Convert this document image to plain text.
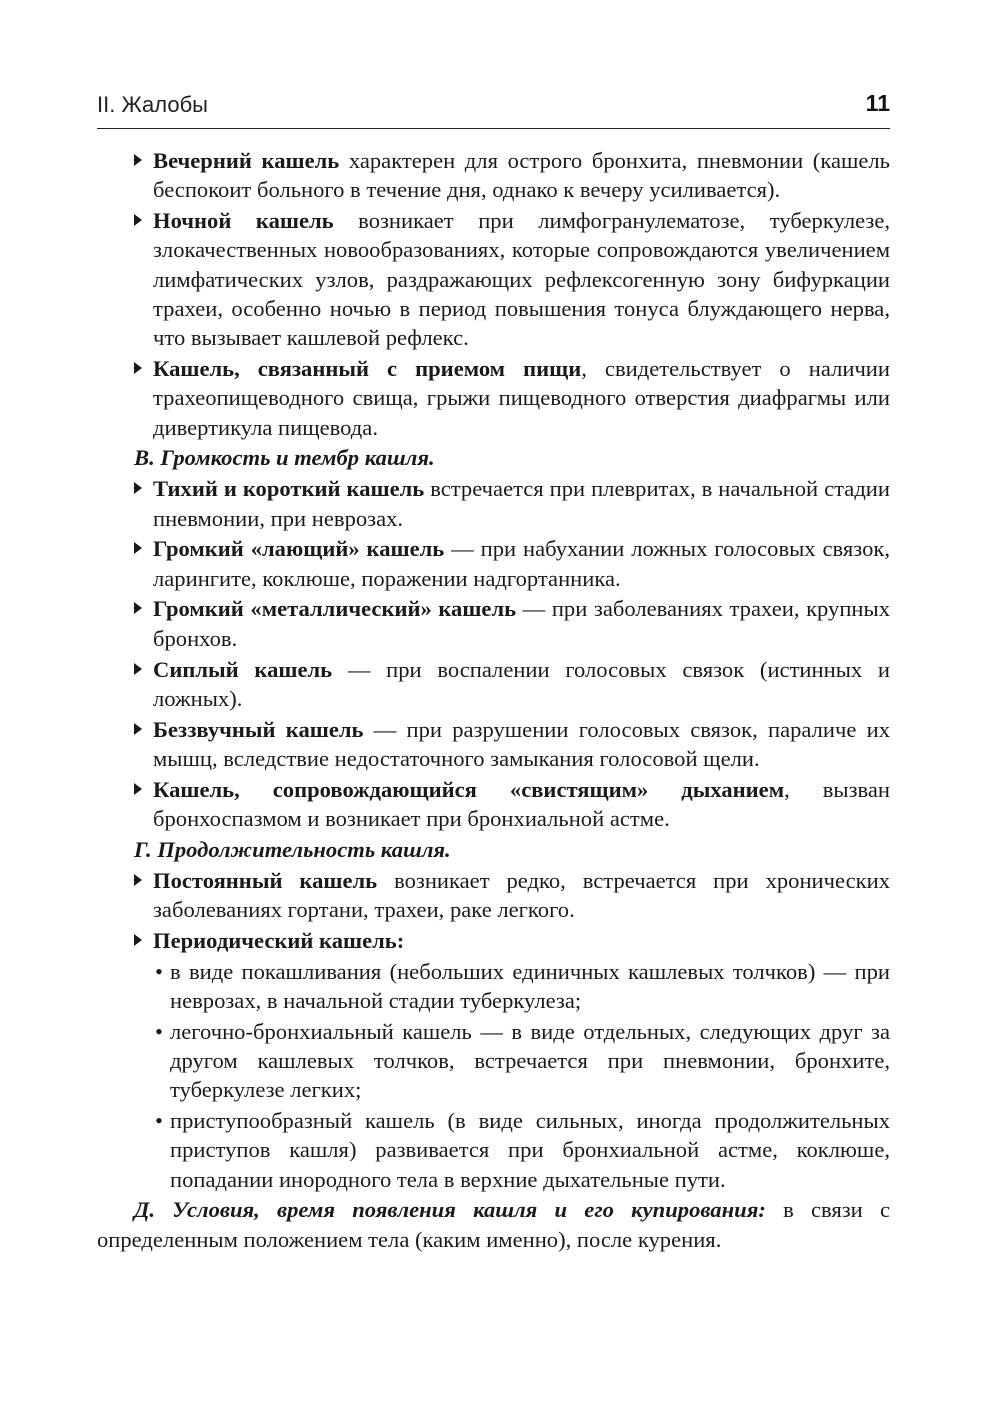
II. Жалобы	11

Вечерний кашель характерен для острого бронхита, пневмонии (кашель беспокоит больного в течение дня, однако к вечеру усиливается).

Ночной кашель возникает при лимфогранулематозе, туберкулезе, злокачественных новообразованиях, которые сопровождаются увеличением лимфатических узлов, раздражающих рефлексогенную зону бифуркации трахеи, особенно ночью в период повышения тонуса блуждающего нерва, что вызывает кашлевой рефлекс.

Кашель, связанный с приемом пищи, свидетельствует о наличии трахеопищеводного свища, грыжи пищеводного отверстия диафрагмы или дивертикула пищевода.

В. Громкость и тембр кашля.

Тихий и короткий кашель встречается при плевритах, в начальной стадии пневмонии, при неврозах.

Громкий «лающий» кашель — при набухании ложных голосовых связок, ларингите, коклюше, поражении надгортанника.

Громкий «металлический» кашель — при заболеваниях трахеи, крупных бронхов.

Сиплый кашель — при воспалении голосовых связок (истинных и ложных).

Беззвучный кашель — при разрушении голосовых связок, параличе их мышц, вследствие недостаточного замыкания голосовой щели.

Кашель, сопровождающийся «свистящим» дыханием, вызван бронхоспазмом и возникает при бронхиальной астме.

Г. Продолжительность кашля.

Постоянный кашель возникает редко, встречается при хронических заболеваниях гортани, трахеи, раке легкого.

Периодический кашель:

• в виде покашливания (небольших единичных кашлевых толчков) — при неврозах, в начальной стадии туберкулеза;

• легочно-бронхиальный кашель — в виде отдельных, следующих друг за другом кашлевых толчков, встречается при пневмонии, бронхите, туберкулезе легких;

• приступообразный кашель (в виде сильных, иногда продолжительных приступов кашля) развивается при бронхиальной астме, коклюше, попадании инородного тела в верхние дыхательные пути.

Д. Условия, время появления кашля и его купирования: в связи с определенным положением тела (каким именно), после курения.
